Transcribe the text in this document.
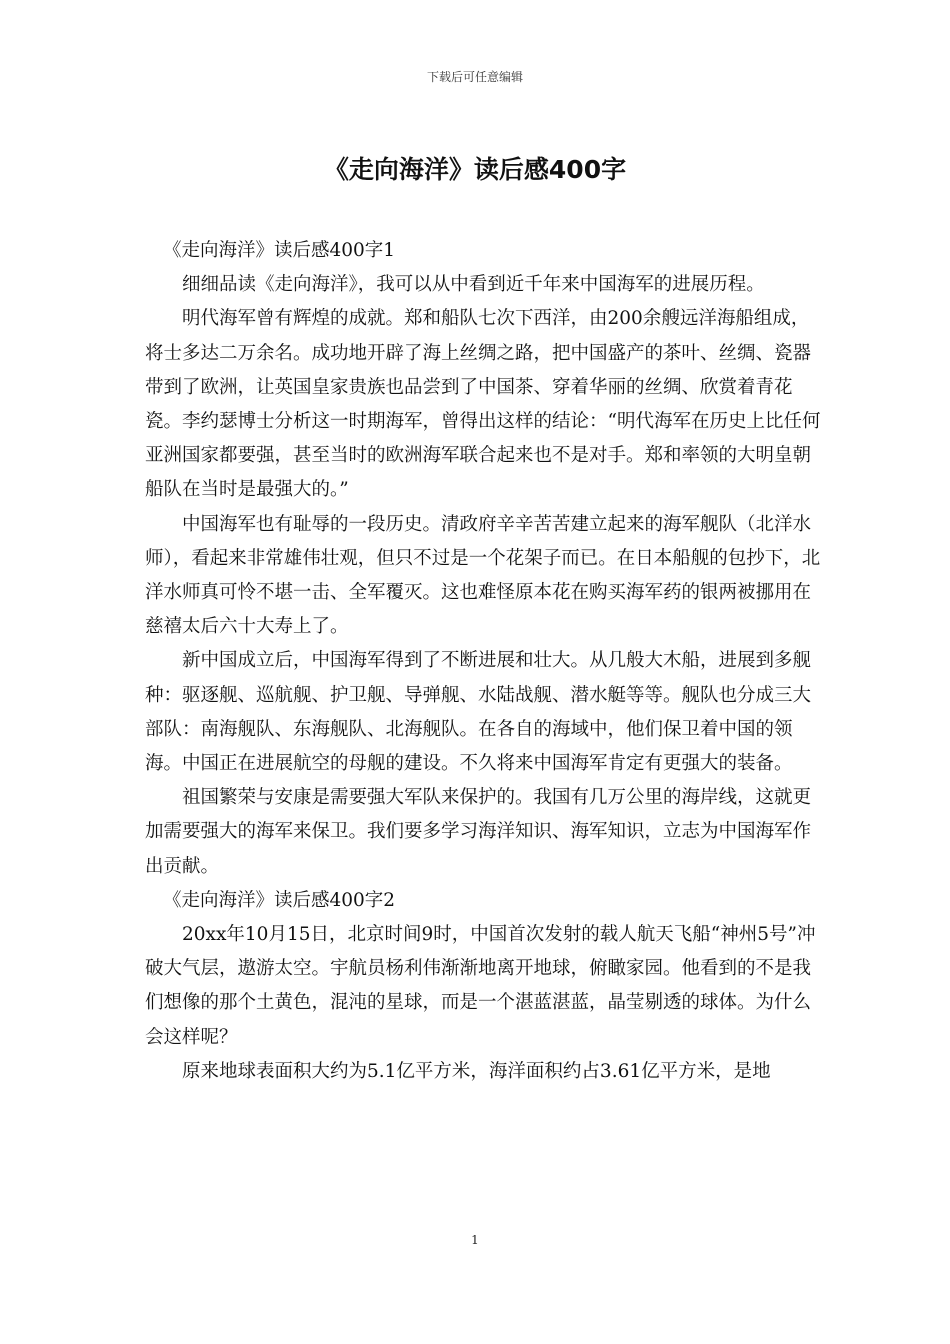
下载后可任意编辑
《走向海洋》读后感400字

《走向海洋》读后感400字1

细细品读《走向海洋》，我可以从中看到近千年来中国海军的进展历程。

明代海军曾有辉煌的成就。郑和船队七次下西洋，由200余艘远洋海船组成，将士多达二万余名。成功地开辟了海上丝绸之路，把中国盛产的茶叶、丝绸、瓷器带到了欧洲，让英国皇家贵族也品尝到了中国茶、穿着华丽的丝绸、欣赏着青花瓷。李约瑟博士分析这一时期海军，曾得出这样的结论：“明代海军在历史上比任何亚洲国家都要强，甚至当时的欧洲海军联合起来也不是对手。郑和率领的大明皇朝船队在当时是最强大的。”

中国海军也有耻辱的一段历史。清政府辛辛苦苦建立起来的海军舰队（北洋水师），看起来非常雄伟壮观，但只不过是一个花架子而已。在日本船舰的包抄下，北洋水师真可怜不堪一击、全军覆灭。这也难怪原本花在购买海军药的银两被挪用在慈禧太后六十大寿上了。

新中国成立后，中国海军得到了不断进展和壮大。从几般大木船，进展到多舰种：驱逐舰、巡航舰、护卫舰、导弹舰、水陆战舰、潜水艇等等。舰队也分成三大部队：南海舰队、东海舰队、北海舰队。在各自的海域中，他们保卫着中国的领海。中国正在进展航空的母舰的建设。不久将来中国海军肯定有更强大的装备。

祖国繁荣与安康是需要强大军队来保护的。我国有几万公里的海岸线，这就更加需要强大的海军来保卫。我们要多学习海洋知识、海军知识，立志为中国海军作出贡献。

《走向海洋》读后感400字2

20xx年10月15日，北京时间9时，中国首次发射的载人航天飞船“神州5号”冲破大气层，遨游太空。宇航员杨利伟渐渐地离开地球，俯瞰家园。他看到的不是我们想像的那个土黄色，混沌的星球，而是一个湛蓝湛蓝，晶莹剔透的球体。为什么会这样呢？

原来地球表面积大约为5.1亿平方米，海洋面积约占3.61亿平方米，是地

1
